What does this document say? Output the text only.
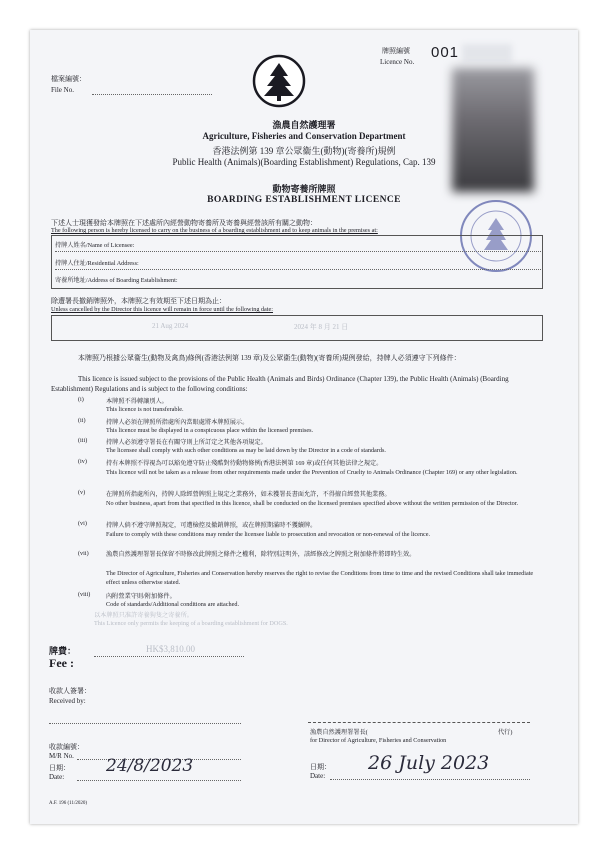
檔案編號：
File No.
牌照編號
Licence No.
001
漁農自然護理署
Agriculture, Fisheries and Conservation Department
香港法例第 139 章公眾衞生(動物)(寄養所)規例
Public Health (Animals)(Boarding Establishment) Regulations, Cap. 139
動物寄養所牌照
BOARDING ESTABLISHMENT LICENCE
下述人士現獲發給本牌照在下述處所內經營動物寄養所及寄養與經營該所有關之動物：
The following person is hereby licensed to carry on the business of a boarding establishment and to keep animals in the premises at:
持牌人姓名/Name of Licensee:
持牌人住址/Residential Address:
寄養所地址/Address of Boarding Establishment:
除遭署長撤銷牌照外，本牌照之有效期至下述日期為止：
Unless cancelled by the Director this licence will remain in force until the following date:
21 Aug 2024	2024 年 8 月 21 日
本牌照乃根據公眾衞生(動物及禽鳥)條例(香港法例第 139 章)及公眾衞生(動物)(寄養所)規例發給，持牌人必須遵守下列條件：
This licence is issued subject to the provisions of the Public Health (Animals and Birds) Ordinance (Chapter 139), the Public Health (Animals) (Boarding Establishment) Regulations and is subject to the following conditions:
(i)	本牌照不得轉讓別人。
This licence is not transferable.
(ii)	持牌人必須在牌照所指處所內當眼處將本牌照展示。
This licence must be displayed in a conspicuous place within the licensed premises.
(iii)	持牌人必須遵守署長在有關守則上所訂定之其他各項規定。
The licensee shall comply with such other conditions as may be laid down by the Director in a code of standards.
(iv)	持有本牌照不得視為可以豁免遵守防止殘酷對待動物條例(香港法例第 169 章)或任何其他法律之規定。
This licence will not be taken as a release from other requirements made under the Prevention of Cruelty to Animals Ordinance (Chapter 169) or any other legislation.
(v)	在牌照所指處所內，持牌人除經營牌照上規定之業務外，如未獲署長書面允許，不得擅自經營其他業務。
No other business, apart from that specified in this licence, shall be conducted on the licensed premises specified above without the written permission of the Director.
(vi)	持牌人倘不遵守牌照規定，可遭檢控及撤銷牌照，或在牌照期滿時不獲續牌。
Failure to comply with these conditions may render the licensee liable to prosecution and revocation or non-renewal of the licence.
(vii)	漁農自然護理署署長保留不時修改此牌照之條件之權利，除特別註明外，該經修改之牌照之附加條件將即時生效。
The Director of Agriculture, Fisheries and Conservation hereby reserves the right to revise the Conditions from time to time and the revised Conditions shall take immediate effect unless otherwise stated.
(viii)	內附營業守則/附加條件。
Code of standards/Additional conditions are attached.
以本牌照只准許寄養狗隻之寄養所。
This Licence only permits the keeping of a boarding establishment for DOGS.
牌費：
Fee :
HK$3,810.00
收款人簽署：
Received by:
收款編號：
M/R No.
日期：
Date:
24/8/2023
漁農自然護理署署長(	代行)
for Director of Agriculture, Fisheries and Conservation
日期：
Date:
26 July 2023
A.F. 196 (11/2020)
